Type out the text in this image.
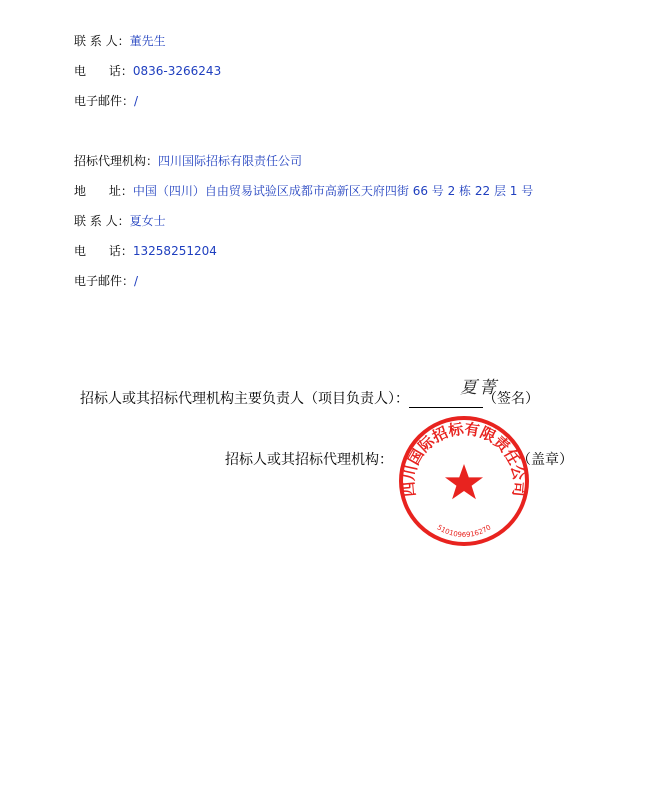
联 系 人：董先生
电      话：0836-3266243
电子邮件：/
招标代理机构：四川国际招标有限责任公司
地      址：中国（四川）自由贸易试验区成都市高新区天府四街 66 号 2 栋 22 层 1 号
联 系 人：夏女士
电      话：13258251204
电子邮件：/
招标人或其招标代理机构主要负责人（项目负责人）：	（签名）
夏菁
招标人或其招标代理机构：	（盖章）
四川国际招标有限责任公司
5101096916270
